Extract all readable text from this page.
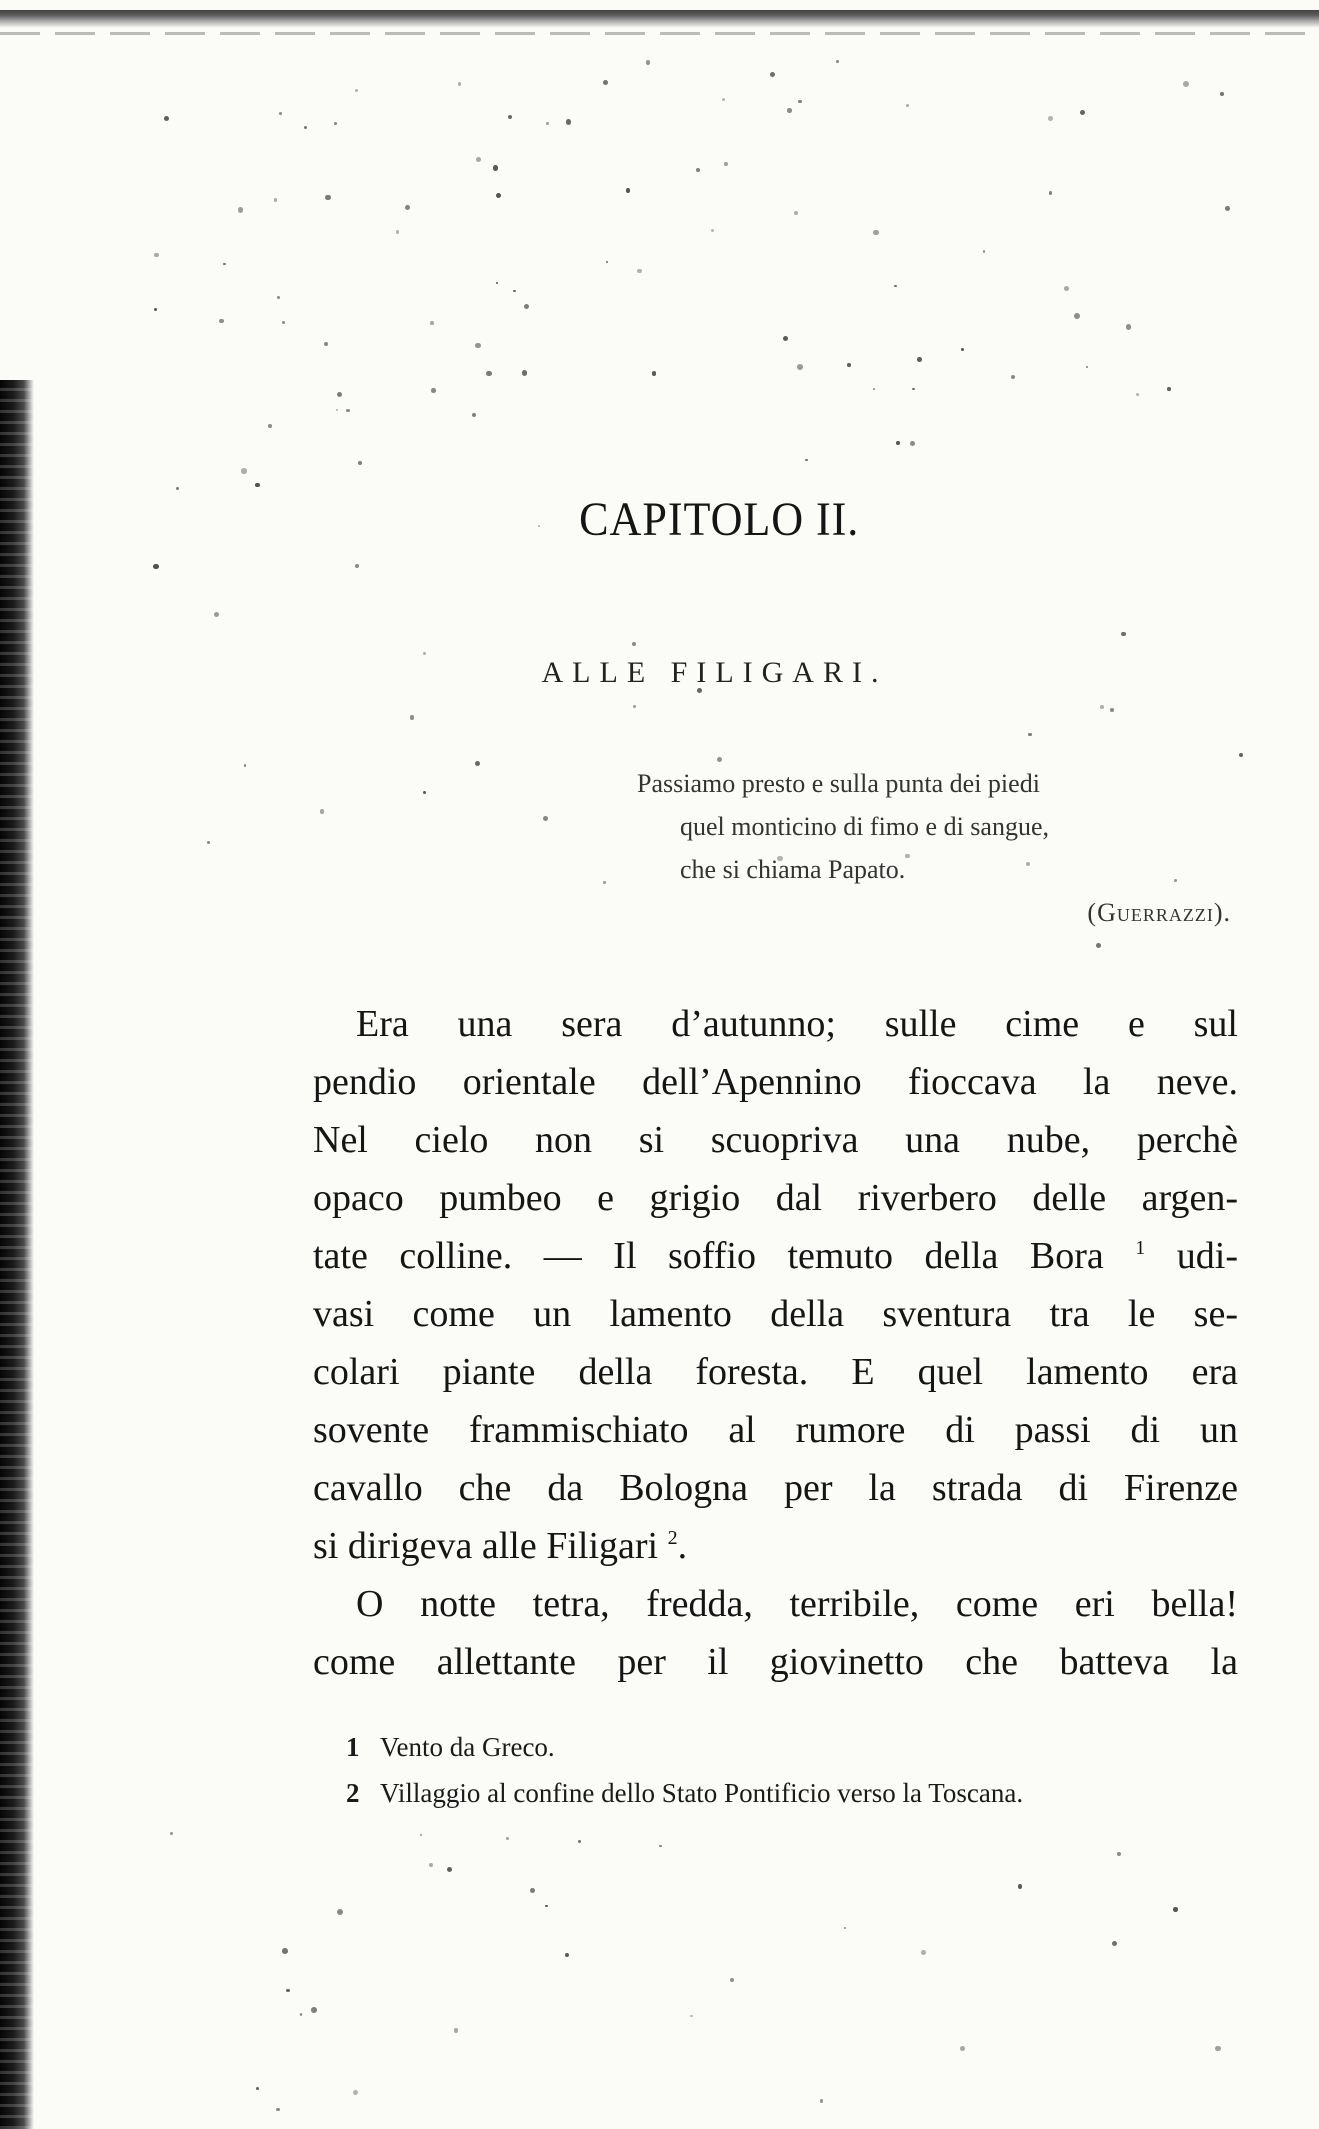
CAPITOLO II.
ALLE FILIGARI.
Passiamo presto e sulla punta dei piedi
quel monticino di fimo e di sangue,
che si chiama Papato.
(Guerrazzi).

Era una sera d’autunno; sulle cime e sul
pendio orientale dell’Apennino fioccava la neve.
Nel cielo non si scuopriva una nube, perchè
opaco pumbeo e grigio dal riverbero delle argen-
tate colline. — Il soffio temuto della Bora $^1$ udi-
vasi come un lamento della sventura tra le se-
colari piante della foresta. E quel lamento era
sovente frammischiato al rumore di passi di un
cavallo che da Bologna per la strada di Firenze
si dirigeva alle Filigari $^2$.

O notte tetra, fredda, terribile, come eri bella!
come allettante per il giovinetto che batteva la

1 Vento da Greco.
2 Villaggio al confine dello Stato Pontificio verso la Toscana.
